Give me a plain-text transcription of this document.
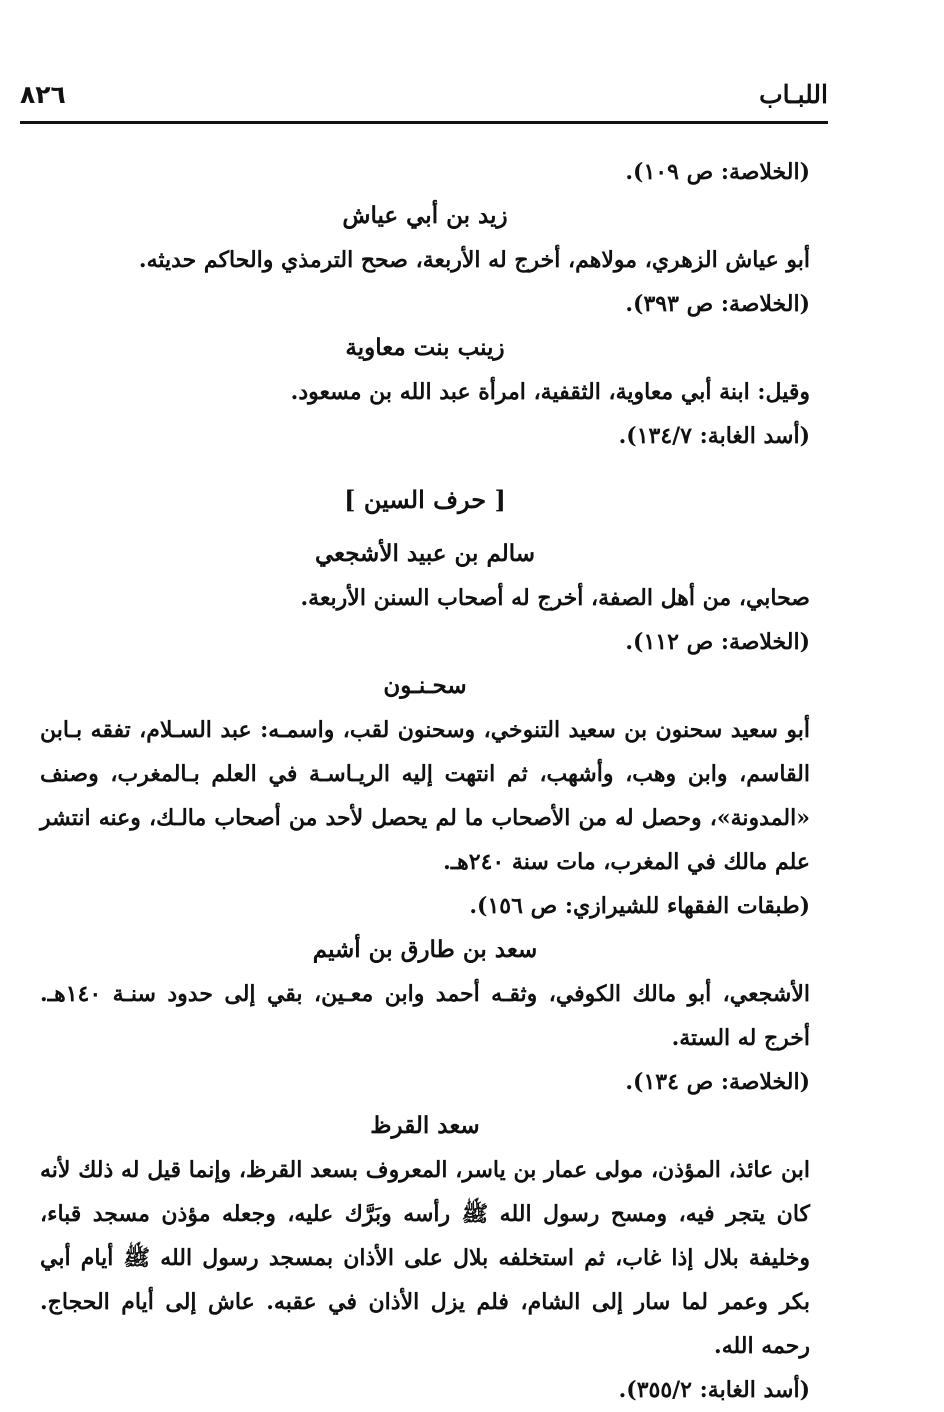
٨٢٦	اللبـاب
(الخلاصة: ص ١٠٩).
زيد بن أبي عياش
أبو عياش الزهري، مولاهم، أخرج له الأربعة، صحح الترمذي والحاكم حديثه.
(الخلاصة: ص ٣٩٣).
زينب بنت معاوية
وقيل: ابنة أبي معاوية، الثقفية، امرأة عبد الله بن مسعود.
(أسد الغابة: ١٣٤/٧).
[ حرف السين ]
سالم بن عبيد الأشجعي
صحابي، من أهل الصفة، أخرج له أصحاب السنن الأربعة.
(الخلاصة: ص ١١٢).
سحـنـون
أبو سعيد سحنون بن سعيد التنوخي، وسحنون لقب، واسمـه: عبد السـلام، تفقه بـابن القاسم، وابن وهب، وأشهب، ثم انتهت إليه الريـاسـة في العلم بـالمغرب، وصنف «المدونة»، وحصل له من الأصحاب ما لم يحصل لأحد من أصحاب مالـك، وعنه انتشر علم مالك في المغرب، مات سنة ٢٤٠هـ.
(طبقات الفقهاء للشيرازي: ص ١٥٦).
سعد بن طارق بن أشيم
الأشجعي، أبو مالك الكوفي، وثقـه أحمد وابن معـين، بقي إلى حدود سنـة ١٤٠هـ. أخرج له الستة.
(الخلاصة: ص ١٣٤).
سعد القرظ
ابن عائذ، المؤذن، مولى عمار بن ياسر، المعروف بسعد القرظ، وإنما قيل له ذلك لأنه كان يتجر فيه، ومسح رسول الله ﷺ رأسه وبَرَّك عليه، وجعله مؤذن مسجد قباء، وخليفة بلال إذا غاب، ثم استخلفه بلال على الأذان بمسجد رسول الله ﷺ أيام أبي بكر وعمر لما سار إلى الشام، فلم يزل الأذان في عقبه. عاش إلى أيام الحجاج. رحمه الله.
(أسد الغابة: ٣٥٥/٢).
